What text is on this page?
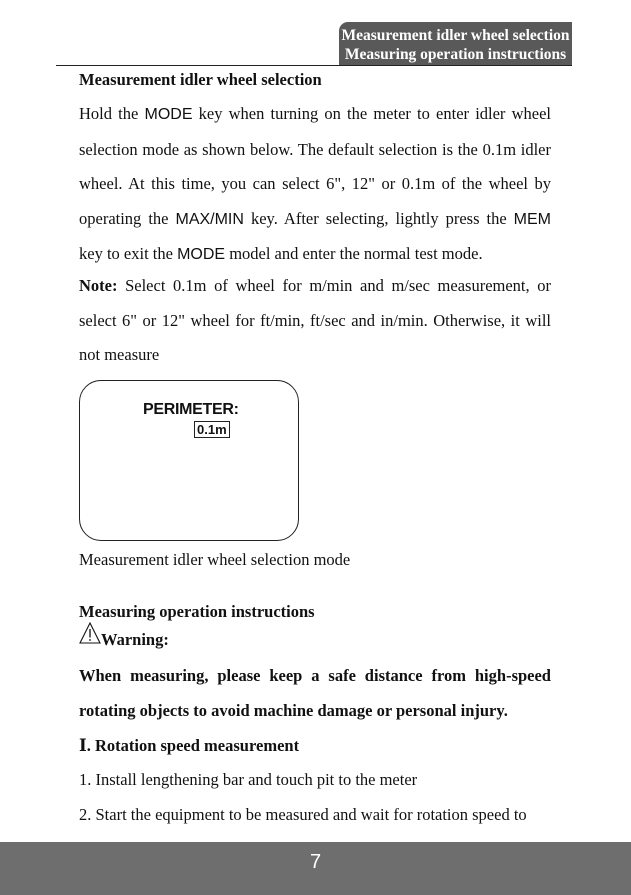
Measurement idler wheel selection
Measuring operation instructions
Measurement idler wheel selection

Hold the MODE key when turning on the meter to enter idler wheel selection mode as shown below. The default selection is the 0.1m idler wheel. At this time, you can select 6", 12" or 0.1m of the wheel by operating the MAX/MIN key. After selecting, lightly press the MEM key to exit the MODE model and enter the normal test mode.

Note: Select 0.1m of wheel for m/min and m/sec measurement, or select 6" or 12" wheel for ft/min, ft/sec and in/min. Otherwise, it will not measure

PERIMETER:
0.1m
Measurement idler wheel selection mode
Measuring operation instructions
Warning:

When measuring, please keep a safe distance from high-speed rotating objects to avoid machine damage or personal injury.

Ⅰ. Rotation speed measurement
1. Install lengthening bar and touch pit to the meter
2. Start the equipment to be measured and wait for rotation speed to
7
